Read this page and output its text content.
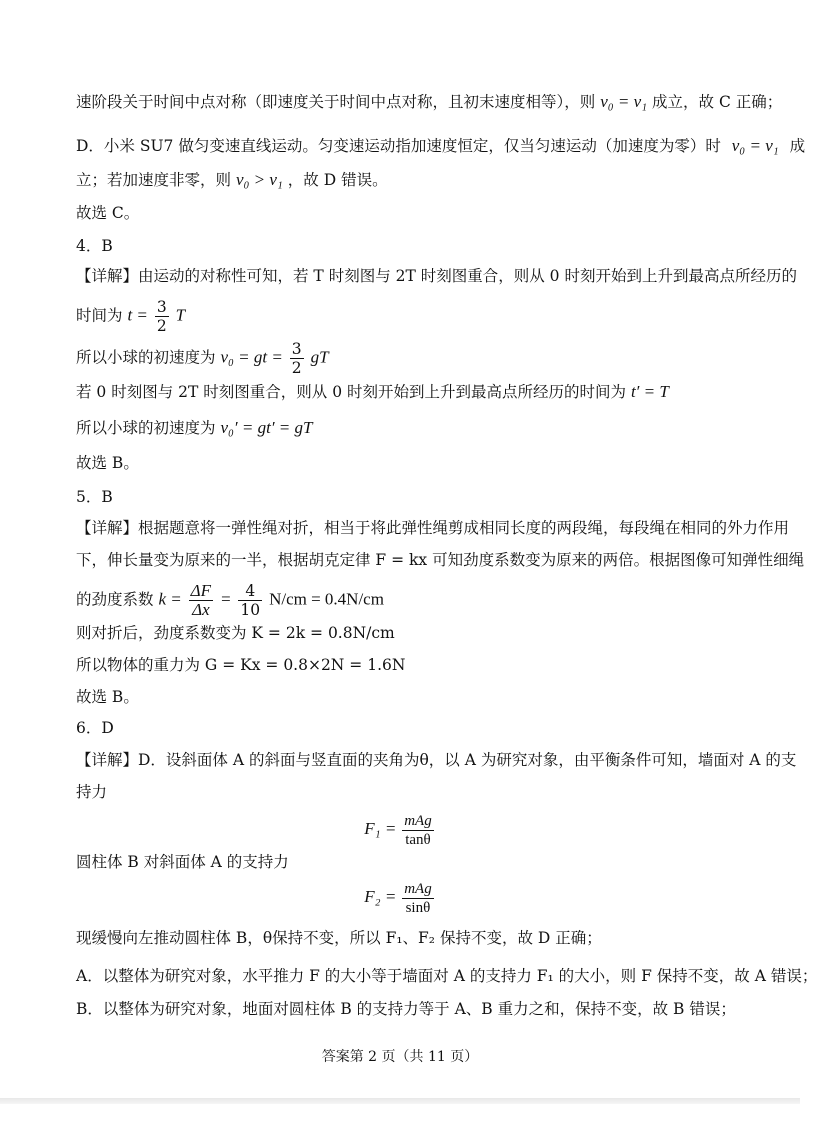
速阶段关于时间中点对称（即速度关于时间中点对称，且初末速度相等），则 v₀ = v₁ 成立，故 C 正确；
D．小米 SU7 做匀变速直线运动。匀变速运动指加速度恒定，仅当匀速运动（加速度为零）时 v₀ = v₁ 成
立；若加速度非零，则 v₀ > v₁ ，故 D 错误。
故选 C。
4．B
【详解】由运动的对称性可知，若 T 时刻图与 2T 时刻图重合，则从 0 时刻开始到上升到最高点所经历的
时间为 $t = \frac{3}{2}$ T
所以小球的初速度为 v₀ = gt = $\frac{3}{2}$ gT
若 0 时刻图与 2T 时刻图重合，则从 0 时刻开始到上升到最高点所经历的时间为 t′ = T
所以小球的初速度为 v₀′ = gt′ = gT
故选 B。
5．B
【详解】根据题意将一弹性绳对折，相当于将此弹性绳剪成相同长度的两段绳，每段绳在相同的外力作用
下，伸长量变为原来的一半，根据胡克定律 F = kx 可知劲度系数变为原来的两倍。根据图像可知弹性细绳
的劲度系数 $k = \frac{\Delta F}{\Delta x} = \frac{4}{10} N/cm = 0.4N/cm$
则对折后，劲度系数变为 K = 2k = 0.8N/cm
所以物体的重力为 G = Kx = 0.8×2N = 1.6N
故选 B。
6．D
【详解】D．设斜面体 A 的斜面与竖直面的夹角为θ，以 A 为研究对象，由平衡条件可知，墙面对 A 的支
持力
$F_1 = \frac{\text{mAg}}{\tan\theta}$
圆柱体 B 对斜面体 A 的支持力
$F_2 = \frac{\text{mAg}}{\sin\theta}$
现缓慢向左推动圆柱体 B，θ保持不变，所以 F₁、F₂ 保持不变，故 D 正确；
A．以整体为研究对象，水平推力 F 的大小等于墙面对 A 的支持力 F₁ 的大小，则 F 保持不变，故 A 错误；
B．以整体为研究对象，地面对圆柱体 B 的支持力等于 A、B 重力之和，保持不变，故 B 错误；
答案第 2 页（共 11 页）
